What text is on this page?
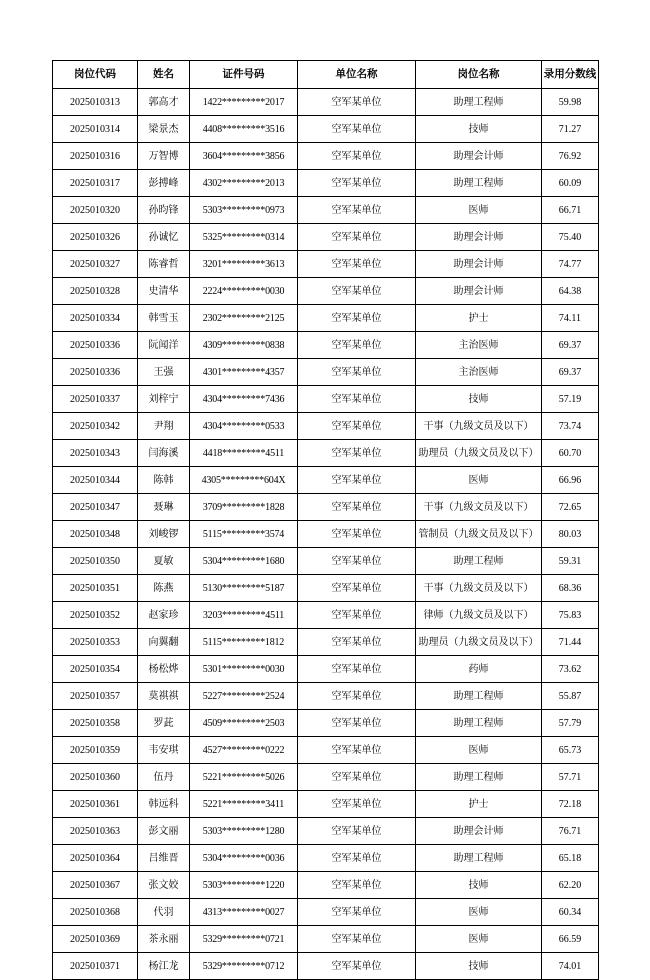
岗位代码	姓名	证件号码	单位名称	岗位名称	录用分数线
2025010313	郭高才	1422*********2017	空军某单位	助理工程师	59.98
2025010314	梁景杰	4408*********3516	空军某单位	技师	71.27
2025010316	万智博	3604*********3856	空军某单位	助理会计师	76.92
2025010317	彭搏峰	4302*********2013	空军某单位	助理工程师	60.09
2025010320	孙昀锋	5303*********0973	空军某单位	医师	66.71
2025010326	孙诚忆	5325*********0314	空军某单位	助理会计师	75.40
2025010327	陈睿哲	3201*********3613	空军某单位	助理会计师	74.77
2025010328	史清华	2224*********0030	空军某单位	助理会计师	64.38
2025010334	韩雪玉	2302*********2125	空军某单位	护士	74.11
2025010336	阮闻洋	4309*********0838	空军某单位	主治医师	69.37
2025010336	王强	4301*********4357	空军某单位	主治医师	69.37
2025010337	刘梓宁	4304*********7436	空军某单位	技师	57.19
2025010342	尹翔	4304*********0533	空军某单位	干事（九级文员及以下）	73.74
2025010343	闫海溪	4418*********4511	空军某单位	助理员（九级文员及以下）	60.70
2025010344	陈韩	4305*********604X	空军某单位	医师	66.96
2025010347	聂琳	3709*********1828	空军某单位	干事（九级文员及以下）	72.65
2025010348	刘峻锣	5115*********3574	空军某单位	管制员（九级文员及以下）	80.03
2025010350	夏敏	5304*********1680	空军某单位	助理工程师	59.31
2025010351	陈燕	5130*********5187	空军某单位	干事（九级文员及以下）	68.36
2025010352	赵家珍	3203*********4511	空军某单位	律师（九级文员及以下）	75.83
2025010353	向翼翻	5115*********1812	空军某单位	助理员（九级文员及以下）	71.44
2025010354	杨松烨	5301*********0030	空军某单位	药师	73.62
2025010357	莫祺祺	5227*********2524	空军某单位	助理工程师	55.87
2025010358	罗茈	4509*********2503	空军某单位	助理工程师	57.79
2025010359	韦安琪	4527*********0222	空军某单位	医师	65.73
2025010360	伍丹	5221*********5026	空军某单位	助理工程师	57.71
2025010361	韩远科	5221*********3411	空军某单位	护士	72.18
2025010363	彭文丽	5303*********1280	空军某单位	助理会计师	76.71
2025010364	吕维晋	5304*********0036	空军某单位	助理工程师	65.18
2025010367	张文姣	5303*********1220	空军某单位	技师	62.20
2025010368	代羽	4313*********0027	空军某单位	医师	60.34
2025010369	茶永丽	5329*********0721	空军某单位	医师	66.59
2025010371	杨江龙	5329*********0712	空军某单位	技师	74.01
